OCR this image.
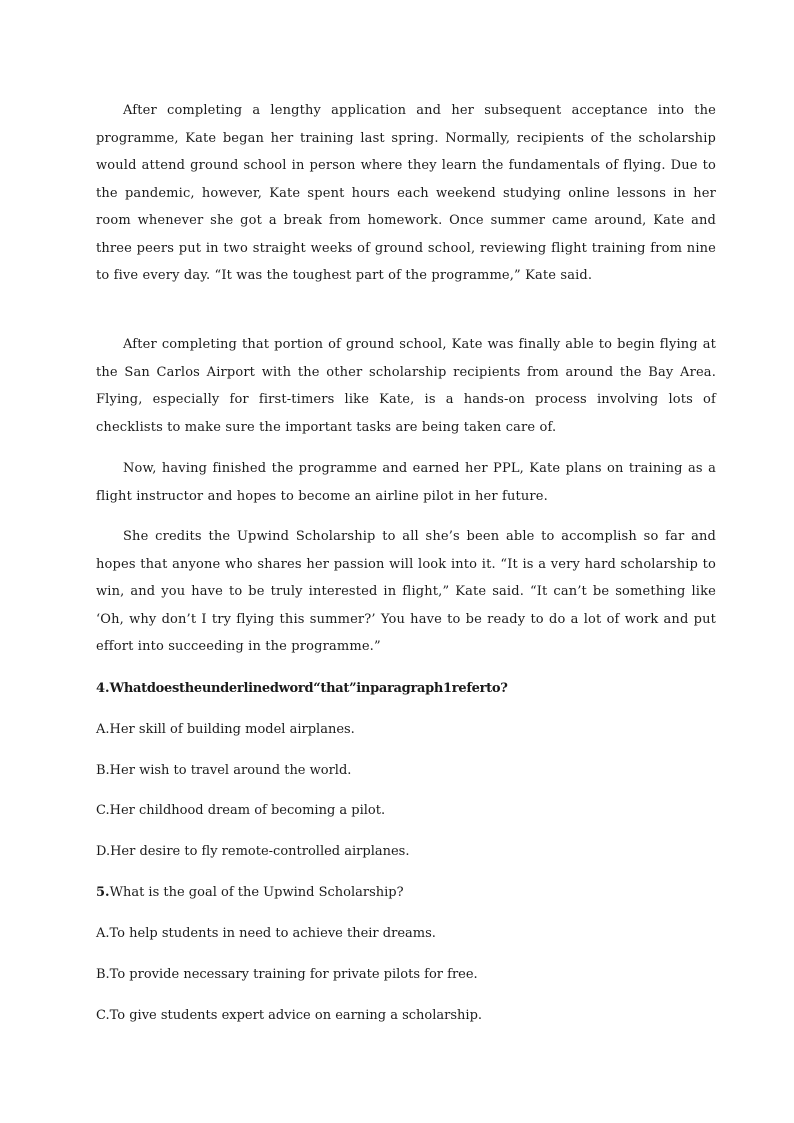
After completing a lengthy application and her subsequent acceptance into the programme, Kate began her training last spring. Normally, recipients of the scholarship would attend ground school in person where they learn the fundamentals of flying. Due to the pandemic, however, Kate spent hours each weekend studying online lessons in her room whenever she got a break from homework. Once summer came around, Kate and three peers put in two straight weeks of ground school, reviewing flight training from nine to five every day. “It was the toughest part of the programme,” Kate said.

After completing that portion of ground school, Kate was finally able to begin flying at the San Carlos Airport with the other scholarship recipients from around the Bay Area. Flying, especially for first-timers like Kate, is a hands-on process involving lots of checklists to make sure the important tasks are being taken care of.

Now, having finished the programme and earned her PPL, Kate plans on training as a flight instructor and hopes to become an airline pilot in her future.

She credits the Upwind Scholarship to all she’s been able to accomplish so far and hopes that anyone who shares her passion will look into it. “It is a very hard scholarship to win, and you have to be truly interested in flight,” Kate said. “It can’t be something like ‘Oh, why don’t I try flying this summer?’ You have to be ready to do a lot of work and put effort into succeeding in the programme.”

4.Whatdoestheunderlinedword“that”inparagraph1referto?

A.Her skill of building model airplanes.

B.Her wish to travel around the world.

C.Her childhood dream of becoming a pilot.

D.Her desire to fly remote-controlled airplanes.

5.What is the goal of the Upwind Scholarship?

A.To help students in need to achieve their dreams.

B.To provide necessary training for private pilots for free.

C.To give students expert advice on earning a scholarship.
